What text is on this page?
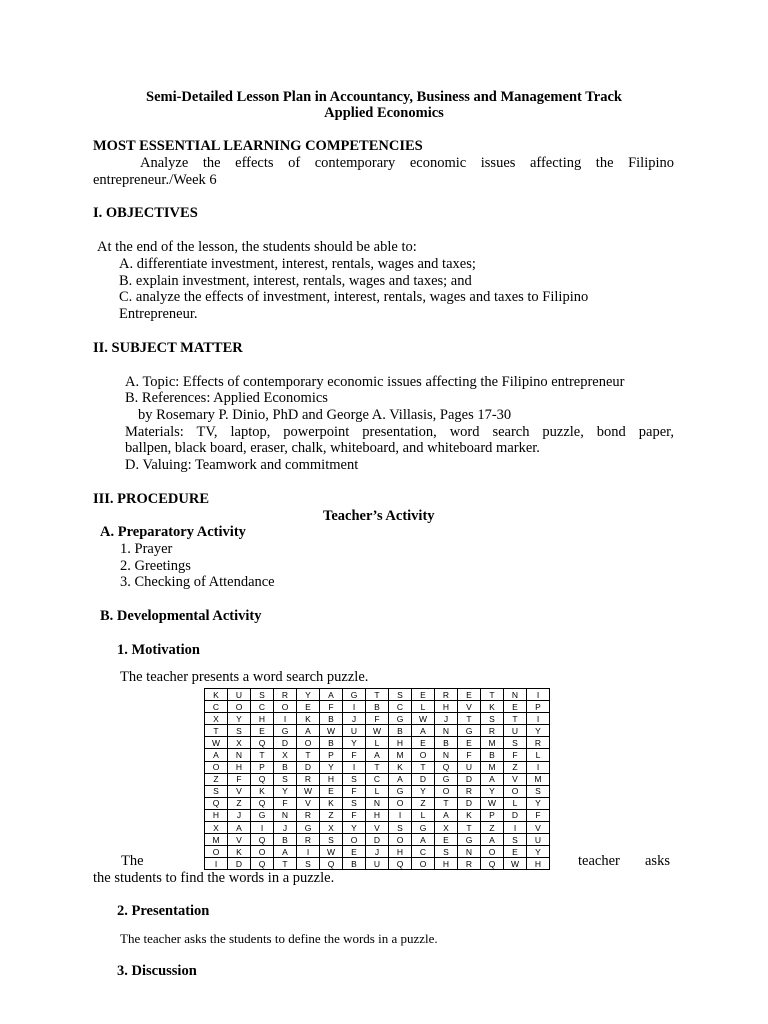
Semi-Detailed Lesson Plan in Accountancy, Business and Management Track
Applied Economics
MOST ESSENTIAL LEARNING COMPETENCIES
Analyze the effects of contemporary economic issues affecting the Filipino
entrepreneur./Week 6
I. OBJECTIVES
At the end of the lesson, the students should be able to:
A. differentiate investment, interest, rentals, wages and taxes;
B. explain investment, interest, rentals, wages and taxes; and
C. analyze the effects of investment, interest, rentals, wages and taxes to Filipino
Entrepreneur.
II. SUBJECT MATTER
A. Topic: Effects of contemporary economic issues affecting the Filipino entrepreneur
B. References: Applied Economics
by Rosemary P. Dinio, PhD and George A. Villasis, Pages 17-30
Materials: TV, laptop, powerpoint presentation, word search puzzle, bond paper,
ballpen, black board, eraser, chalk, whiteboard, and whiteboard marker.
D. Valuing: Teamwork and commitment
III. PROCEDURE
Teacher’s Activity
A. Preparatory Activity
1. Prayer
2. Greetings
3. Checking of Attendance
B. Developmental Activity
1. Motivation
The teacher presents a word search puzzle.
K	U	S	R	Y	A	G	T	S	E	R	E	T	N	I
C	O	C	O	E	F	I	B	C	L	H	V	K	E	P
X	Y	H	I	K	B	J	F	G	W	J	T	S	T	I
T	S	E	G	A	W	U	W	B	A	N	G	R	U	Y
W	X	Q	D	O	B	Y	L	H	E	B	E	M	S	R
A	N	T	X	T	P	F	A	M	O	N	F	B	F	L
O	H	P	B	D	Y	I	T	K	T	Q	U	M	Z	I
Z	F	Q	S	R	H	S	C	A	D	G	D	A	V	M
S	V	K	Y	W	E	F	L	G	Y	O	R	Y	O	S
Q	Z	Q	F	V	K	S	N	O	Z	T	D	W	L	Y
H	J	G	N	R	Z	F	H	I	L	A	K	P	D	F
X	A	I	J	G	X	Y	V	S	G	X	T	Z	I	V
M	V	Q	B	R	S	O	D	O	A	E	G	A	S	U
O	K	O	A	I	W	E	J	H	C	S	N	O	E	Y
I	D	Q	T	S	Q	B	U	Q	O	H	R	Q	W	H
The	teacher asks
the students to find the words in a puzzle.
2. Presentation
The teacher asks the students to define the words in a puzzle.
3. Discussion
